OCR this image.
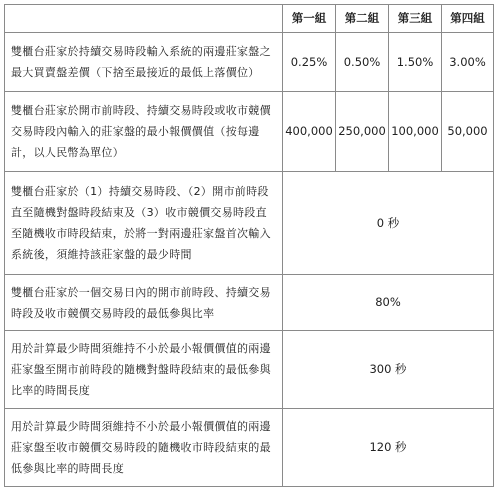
	第一組	第二組	第三組	第四組
雙櫃台莊家於持續交易時段輸入系統的兩邊莊家盤之最大買賣盤差價（下捨至最接近的最低上落價位）	0.25%	0.50%	1.50%	3.00%
雙櫃台莊家於開市前時段、持續交易時段或收市競價交易時段內輸入的莊家盤的最小報價價值（按每邊計，以人民幣為單位）	400,000	250,000	100,000	50,000
雙櫃台莊家於（1）持續交易時段、（2）開市前時段直至隨機對盤時段結束及（3）收市競價交易時段直至隨機收市時段結束，於將一對兩邊莊家盤首次輸入系統後，須維持該莊家盤的最少時間	0 秒			
雙櫃台莊家於一個交易日內的開市前時段、持續交易時段及收市競價交易時段的最低參與比率	80%			
用於計算最少時間須維持不小於最小報價價值的兩邊莊家盤至開市前時段的隨機對盤時段結束的最低參與比率的時間長度	300 秒			
用於計算最少時間須維持不小於最小報價價值的兩邊莊家盤至收市競價交易時段的隨機收市時段結束的最低參與比率的時間長度	120 秒			
